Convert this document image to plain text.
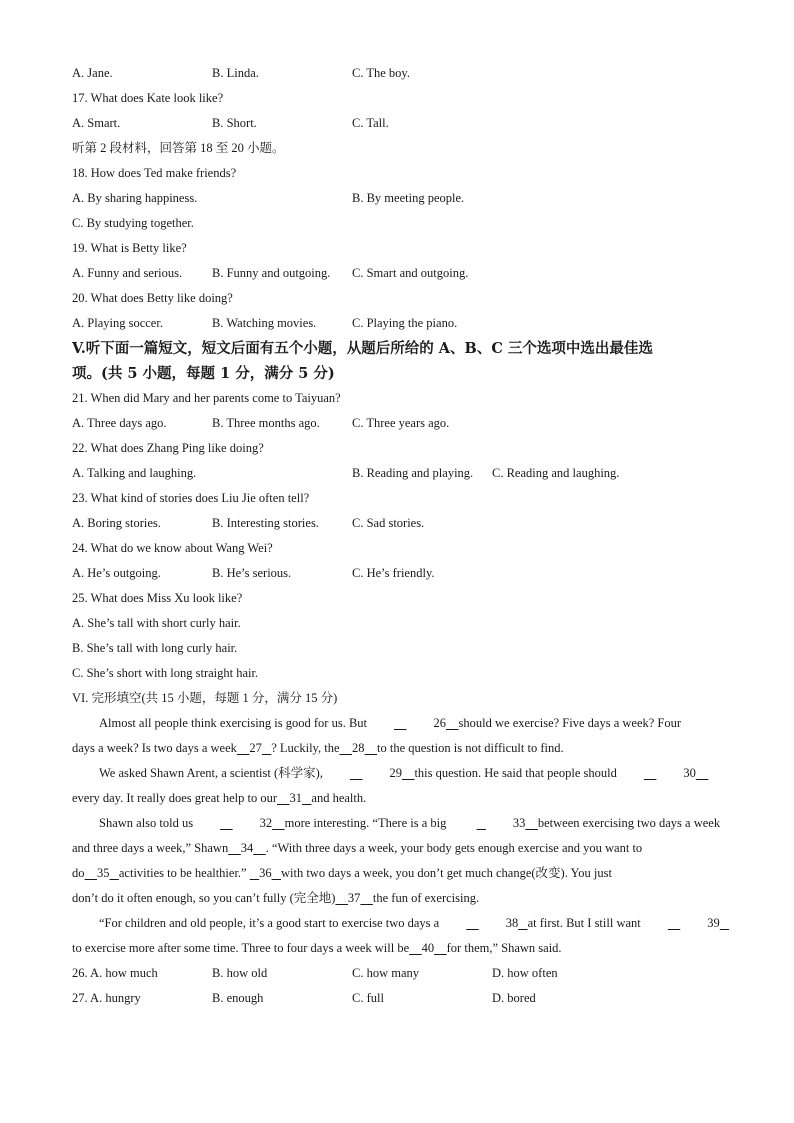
A. Jane.	B. Linda.	C. The boy.
17. What does Kate look like?
A. Smart.	B. Short.	C. Tall.
听第 2 段材料，回答第 18 至 20 小题。
18. How does Ted make friends?
A. By sharing happiness.	B. By meeting people.
C. By studying together.
19. What is Betty like?
A. Funny and serious. B. Funny and outgoing. C. Smart and outgoing.
20. What does Betty like doing?
A. Playing soccer.	B. Watching movies.	C. Playing the piano.
V.听下面一篇短文，短文后面有五个小题，从题后所给的 A、B、C 三个选项中选出最佳选
项。(共 5 小题，每题 1 分，满分 5 分)
21. When did Mary and her parents come to Taiyuan?
A. Three days ago.	B. Three months ago.	C. Three years ago.
22. What does Zhang Ping like doing?
A. Talking and laughing.	B. Reading and playing. C. Reading and laughing.
23. What kind of stories does Liu Jie often tell?
A. Boring stories.	B. Interesting stories.	C. Sad stories.
24. What do we know about Wang Wei?
A. He’s outgoing.	B. He’s serious.	C. He’s friendly.
25. What does Miss Xu look like?
A. She’s tall with short curly hair.
B. She’s tall with long curly hair.
C. She’s short with long straight hair.
VI. 完形填空(共 15 小题，每题 1 分，满分 15 分)
Almost all people think exercising is good for us. But	26 should we exercise? Five days a week? Four
days a week? Is two days a week 27 ? Luckily, the 28 to the question is not difficult to find.
We asked Shawn Arent, a scientist (科学家),	29 this question. He said that people should	30
every day. It really does great help to our 31 and health.
Shawn also told us	32 more interesting. “There is a big	33 between exercising two days a week
and three days a week,” Shawn 34 . “With three days a week, your body gets enough exercise and you want to
do 35 activities to be healthier.” 36 with two days a week, you don’t get much change(改变). You just
don’t do it often enough, so you can’t fully (完全地) 37 the fun of exercising.
“For children and old people, it’s a good start to exercise two days a	38 at first. But I still want	39
to exercise more after some time. Three to four days a week will be 40 for them,” Shawn said.
26. A. how much	B. how old	C. how many	D. how often
27. A. hungry	B. enough	C. full	D. bored
